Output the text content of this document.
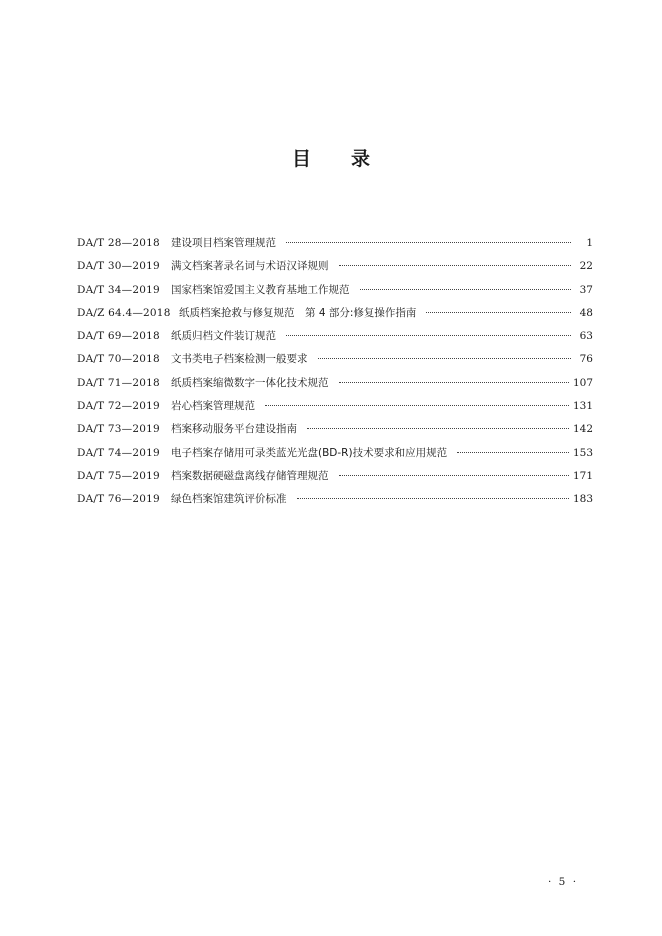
目录
DA/T 28—2018	建设项目档案管理规范	1
DA/T 30—2019	满文档案著录名词与术语汉译规则	22
DA/T 34—2019	国家档案馆爱国主义教育基地工作规范	37
DA/Z 64.4—2018 纸质档案抢救与修复规范　第 4 部分:修复操作指南	48
DA/T 69—2018	纸质归档文件装订规范	63
DA/T 70—2018	文书类电子档案检测一般要求	76
DA/T 71—2018	纸质档案缩微数字一体化技术规范	107
DA/T 72—2019	岩心档案管理规范	131
DA/T 73—2019	档案移动服务平台建设指南	142
DA/T 74—2019	电子档案存储用可录类蓝光光盘(BD-R)技术要求和应用规范	153
DA/T 75—2019	档案数据硬磁盘离线存储管理规范	171
DA/T 76—2019	绿色档案馆建筑评价标准	183
· 5 ·
